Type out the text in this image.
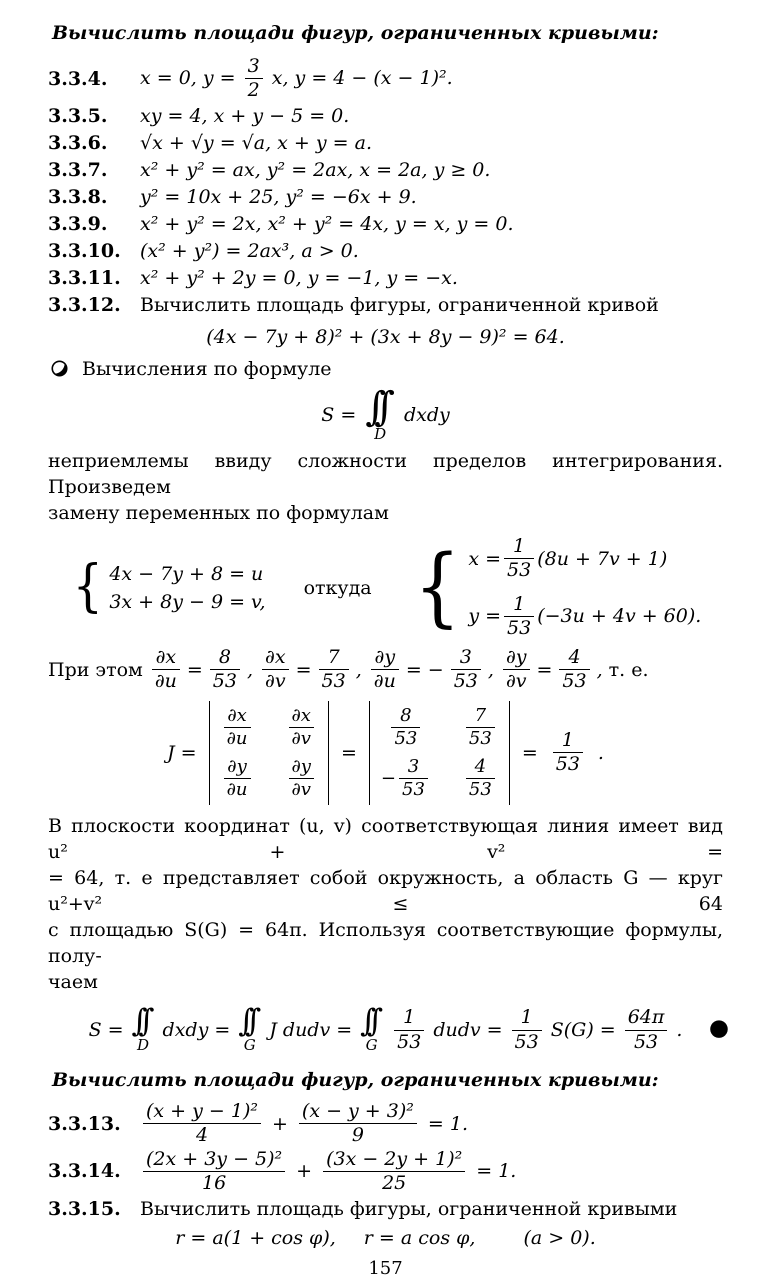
Вычислить площади фигур, ограниченных кривыми:
3.3.4.	x = 0, $y = \frac{3}{2} x$, y = 4 − (x − 1)².
3.3.5.	xy = 4, x + y − 5 = 0.
3.3.6.	√x + √y = √a, x + y = a.
3.3.7.	x² + y² = ax, y² = 2ax, x = 2a, y ≥ 0.
3.3.8.	y² = 10x + 25, y² = −6x + 9.
3.3.9.	x² + y² = 2x, x² + y² = 4x, y = x, y = 0.
3.3.10.	(x² + y²) = 2ax³, a > 0.
3.3.11.	x² + y² + 2y = 0, y = −1, y = −x.
3.3.12.	Вычислить площадь фигуры, ограниченной кривой
(4x − 7y + 8)² + (3x + 8y − 9)² = 64.
Вычисления по формуле
S = ∫∫
D
dxdy
неприемлемы ввиду сложности пределов интегрирования. Произведем
замену переменных по формулам
{ 4x − 7y + 8 = u
3x + 8y − 9 = v,
откуда { $x = \frac{1}{53} (8u + 7v + 1)$
$y = \frac{1}{53} (-3u + 4v + 60)$.
При этом $\frac{\partial x}{\partial u} = \frac{8}{53}$ , $\frac{\partial x}{\partial v} = \frac{7}{53}$ , $\frac{\partial y}{\partial u}$ = − $\frac{3}{53}$ , $\frac{\partial y}{\partial v} = \frac{4}{53}$ , т. е.
J =
$\frac{\partial x}{\partial u} \frac{\partial x}{\partial v}$
$\frac{\partial y}{\partial u} \frac{\partial y}{\partial v}$
=
$\frac{8}{53}$	$\frac{7}{53}$
− $\frac{3}{53} \frac{4}{53}$
= $\frac{1}{53}$ .
В плоскости координат (u, v) соответствующая линия имеет вид u² + v² =
= 64, т. е представляет собой окружность, а область G — круг u²+v² ≤ 64
с площадью S(G) = 64π. Используя соответствующие формулы, полу-
чаем
S = ∫∫
D
dxdy = ∫∫
G
J dudv = ∫∫
G $\frac{1}{53}$ dudv = $\frac{1}{53} S(G) = \frac{64\pi}{53}$ . ●
Вычислить площади фигур, ограниченных кривыми:
3.3.13.	$\frac{\text{(x + y − 1)²}}{4} + \frac{\text{(x − y + 3)²}}{9} = 1$.
3.3.14.	$\frac{\text{(2x + 3y − 5)²}}{16} + \frac{\text{(3x − 2y + 1)²}}{25} = 1$.
3.3.15.	Вычислить площадь фигуры, ограниченной кривыми
r = a(1 + cos φ), r = a cos φ,	(a > 0).
157
